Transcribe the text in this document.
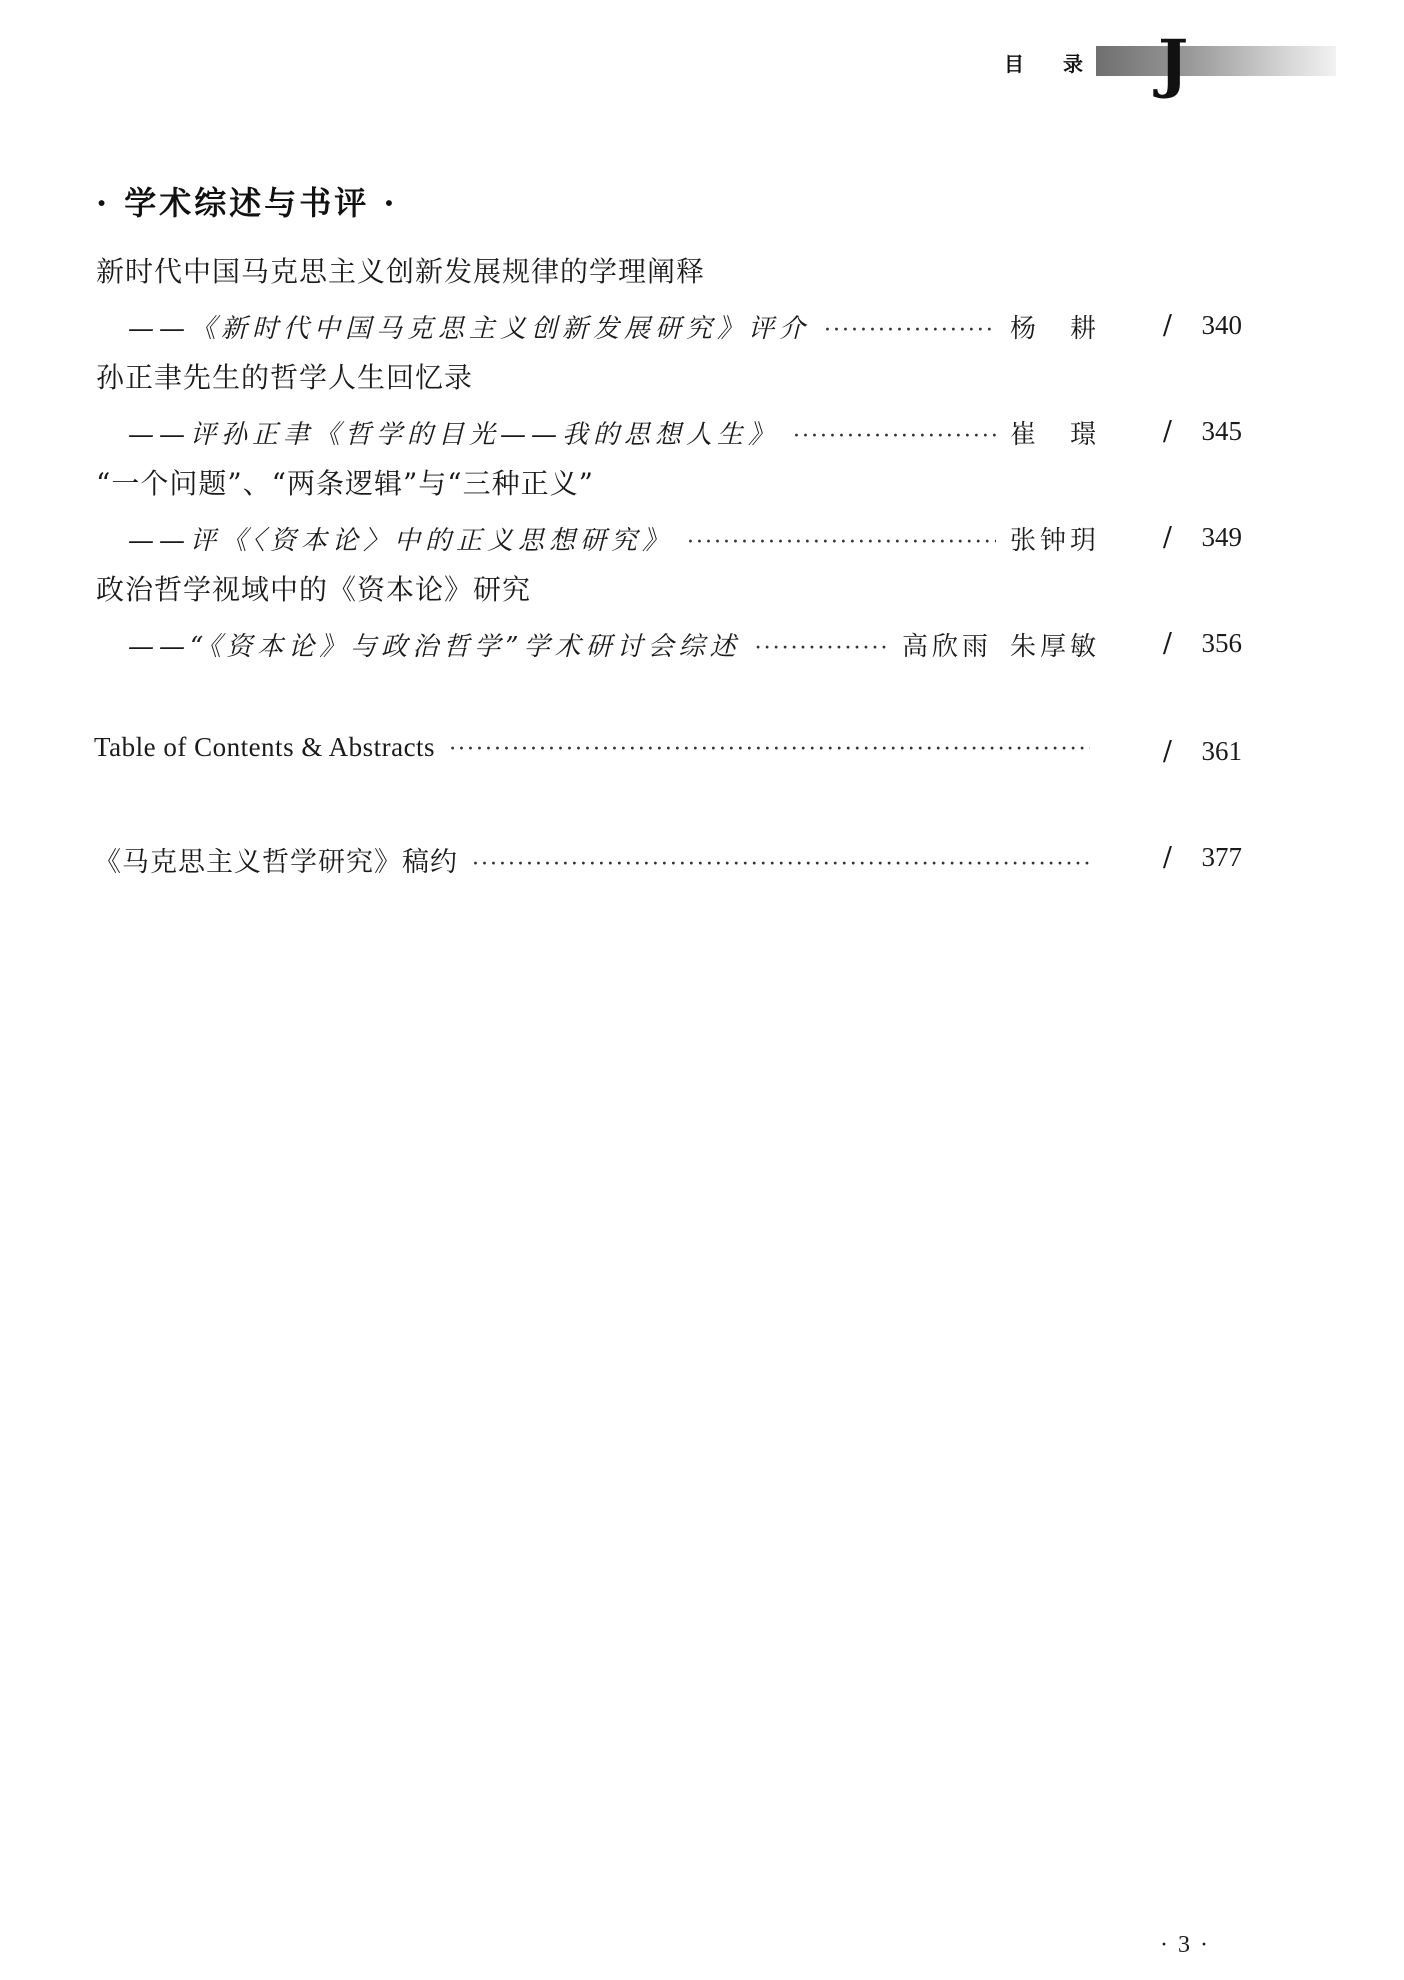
目 录 J
· 学术综述与书评 ·
新时代中国马克思主义创新发展规律的学理阐释
——《新时代中国马克思主义创新发展研究》评介 ·····	杨　耕 / 340
孙正聿先生的哲学人生回忆录
——评孙正聿《哲学的目光——我的思想人生》 ·····	崔　璟 / 345
“一个问题”、“两条逻辑”与“三种正义”
——评《〈资本论〉中的正义思想研究》 ·····	张钟玥 / 349
政治哲学视域中的《资本论》研究
——“《资本论》与政治哲学”学术研讨会综述 ·····	高欣雨 朱厚敏 / 356
Table of Contents & Abstracts ·····	/ 361
《马克思主义哲学研究》稿约 ·····	/ 377
· 3 ·
